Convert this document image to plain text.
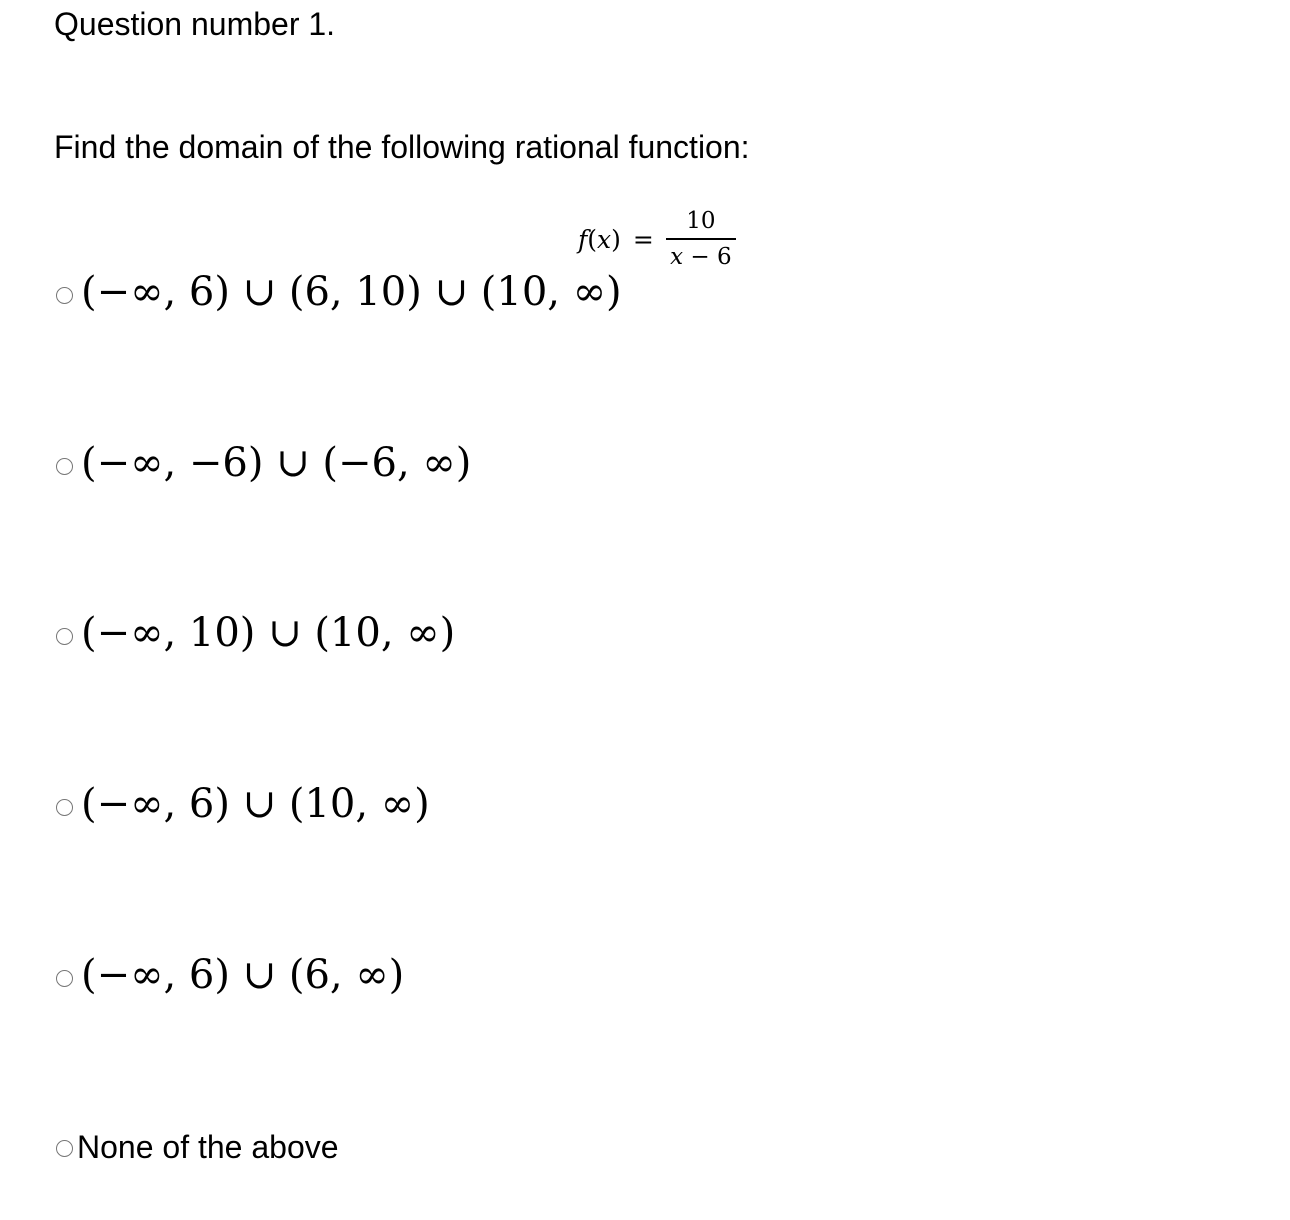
Question number 1.

Find the domain of the following rational function:

f ( x ) = $\frac{10}{x - 6}$
(−∞, 6) ∪ (6, 10) ∪ (10, ∞)
(−∞, −6) ∪ (−6, ∞)
(−∞, 10) ∪ (10, ∞)
(−∞, 6) ∪ (10, ∞)
(−∞, 6) ∪ (6, ∞)
None of the above
